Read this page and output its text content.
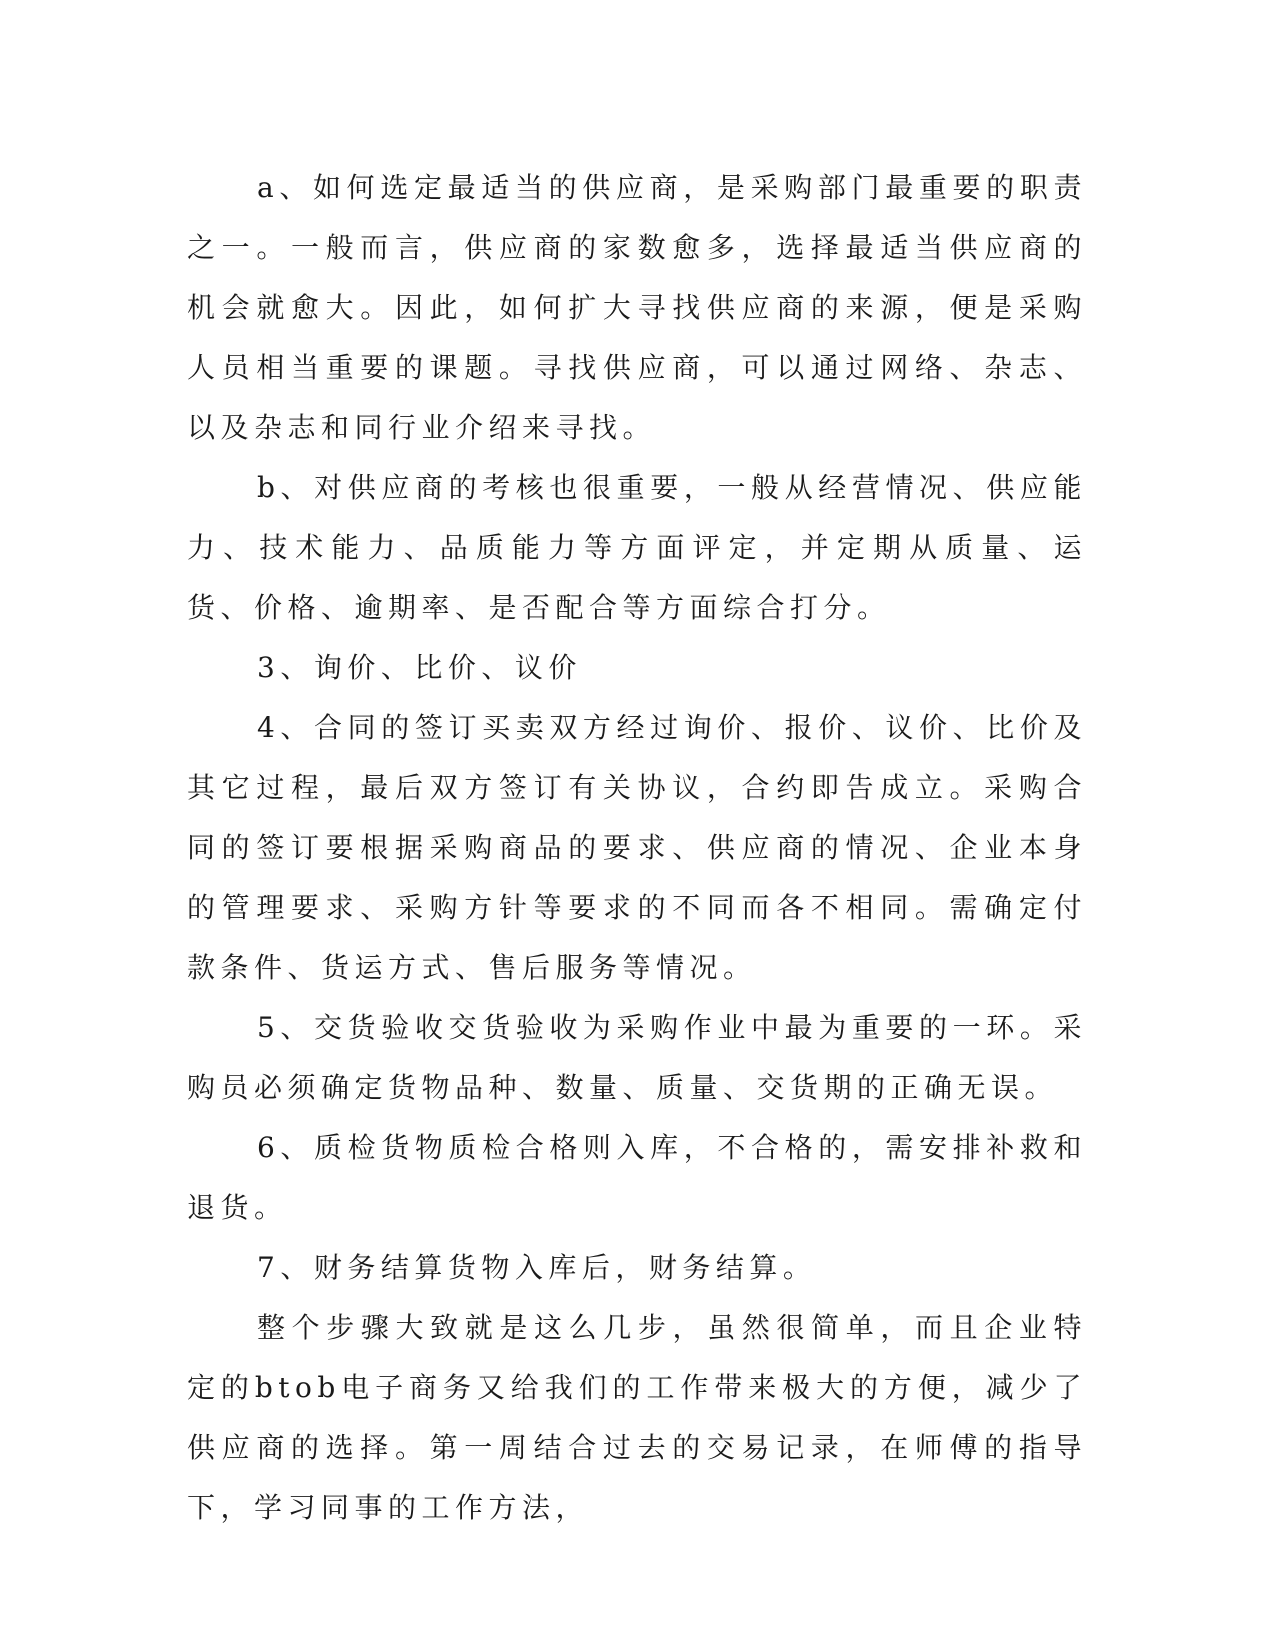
a、如何选定最适当的供应商，是采购部门最重要的职责之一。一般而言，供应商的家数愈多，选择最适当供应商的机会就愈大。因此，如何扩大寻找供应商的来源，便是采购人员相当重要的课题。寻找供应商，可以通过网络、杂志、以及杂志和同行业介绍来寻找。

b、对供应商的考核也很重要，一般从经营情况、供应能力、技术能力、品质能力等方面评定，并定期从质量、运货、价格、逾期率、是否配合等方面综合打分。

3、询价、比价、议价

4、合同的签订买卖双方经过询价、报价、议价、比价及其它过程，最后双方签订有关协议，合约即告成立。采购合同的签订要根据采购商品的要求、供应商的情况、企业本身的管理要求、采购方针等要求的不同而各不相同。需确定付款条件、货运方式、售后服务等情况。

5、交货验收交货验收为采购作业中最为重要的一环。采购员必须确定货物品种、数量、质量、交货期的正确无误。

6、质检货物质检合格则入库，不合格的，需安排补救和退货。

7、财务结算货物入库后，财务结算。

整个步骤大致就是这么几步，虽然很简单，而且企业特定的btob电子商务又给我们的工作带来极大的方便，减少了供应商的选择。第一周结合过去的交易记录，在师傅的指导下，学习同事的工作方法，
